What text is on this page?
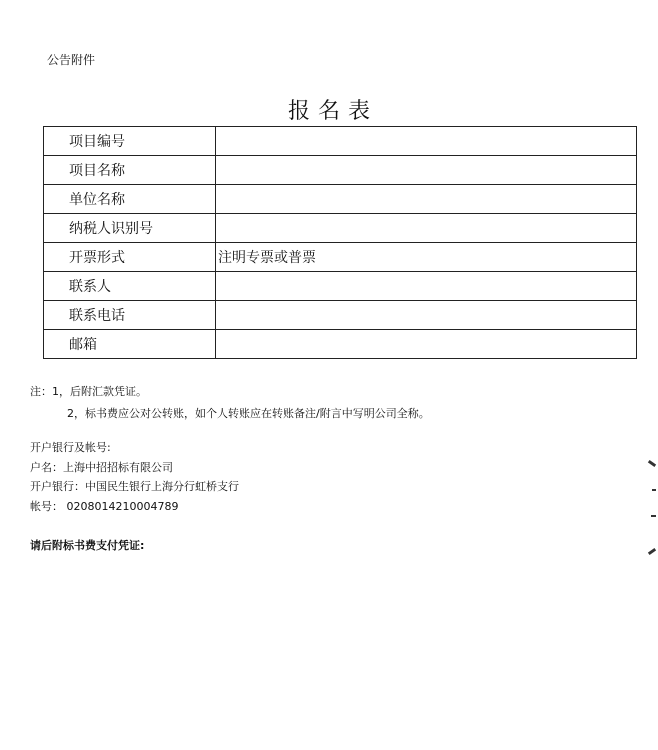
公告附件
报名表
项目编号	
项目名称	
单位名称	
纳税人识别号	
开票形式	注明专票或普票
联系人	
联系电话	
邮箱	
注：1，后附汇款凭证。
2，标书费应公对公转账，如个人转账应在转账备注/附言中写明公司全称。
开户银行及帐号:
户名：上海中招招标有限公司
开户银行：中国民生银行上海分行虹桥支行
帐号： 0208014210004789
请后附标书费支付凭证:
